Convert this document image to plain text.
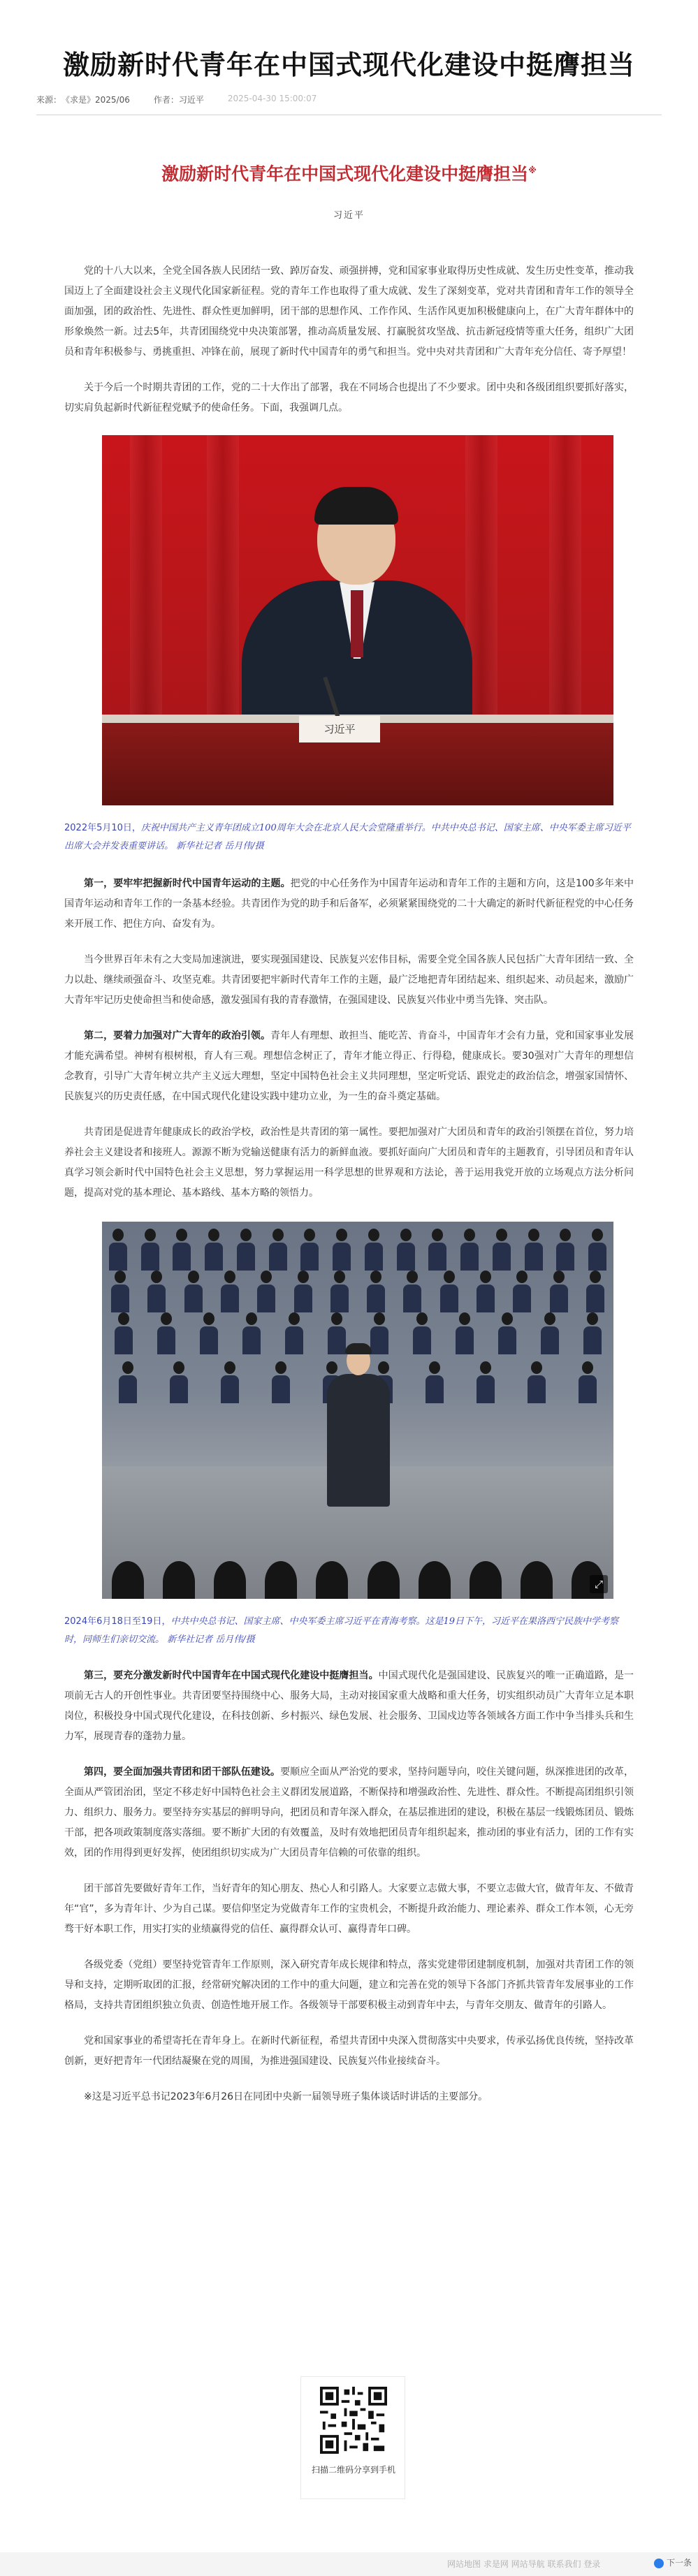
激励新时代青年在中国式现代化建设中挺膺担当
来源：《求是》2025/06	作者：习近平	2025-04-30 15:00:07
激励新时代青年在中国式现代化建设中挺膺担当※
习近平

党的十八大以来，全党全国各族人民团结一致、踔厉奋发、顽强拼搏，党和国家事业取得历史性成就、发生历史性变革，推动我国迈上了全面建设社会主义现代化国家新征程。党的青年工作也取得了重大成就、发生了深刻变革，党对共青团和青年工作的领导全面加强，团的政治性、先进性、群众性更加鲜明，团干部的思想作风、工作作风、生活作风更加积极健康向上，在广大青年群体中的形象焕然一新。过去5年，共青团围绕党中央决策部署，推动高质量发展、打赢脱贫攻坚战、抗击新冠疫情等重大任务，组织广大团员和青年积极参与、勇挑重担、冲锋在前，展现了新时代中国青年的勇气和担当。党中央对共青团和广大青年充分信任、寄予厚望！

关于今后一个时期共青团的工作，党的二十大作出了部署，我在不同场合也提出了不少要求。团中央和各级团组织要抓好落实，切实肩负起新时代新征程党赋予的使命任务。下面，我强调几点。

习近平

2022年5月10日，庆祝中国共产主义青年团成立100周年大会在北京人民大会堂隆重举行。中共中央总书记、国家主席、中央军委主席习近平出席大会并发表重要讲话。 新华社记者 岳月伟/摄

第一，要牢牢把握新时代中国青年运动的主题。把党的中心任务作为中国青年运动和青年工作的主题和方向，这是100多年来中国青年运动和青年工作的一条基本经验。共青团作为党的助手和后备军，必须紧紧围绕党的二十大确定的新时代新征程党的中心任务来开展工作、把住方向、奋发有为。

当今世界百年未有之大变局加速演进，要实现强国建设、民族复兴宏伟目标，需要全党全国各族人民包括广大青年团结一致、全力以赴、继续顽强奋斗、攻坚克难。共青团要把牢新时代青年工作的主题，最广泛地把青年团结起来、组织起来、动员起来，激励广大青年牢记历史使命担当和使命感，激发强国有我的青春激情，在强国建设、民族复兴伟业中勇当先锋、突击队。

第二，要着力加强对广大青年的政治引领。青年人有理想、敢担当、能吃苦、肯奋斗，中国青年才会有力量，党和国家事业发展才能充满希望。神树有根树根，育人有三观。理想信念树正了，青年才能立得正、行得稳，健康成长。要30强对广大青年的理想信念教育，引导广大青年树立共产主义远大理想，坚定中国特色社会主义共同理想，坚定听党话、跟党走的政治信念，增强家国情怀、民族复兴的历史责任感，在中国式现代化建设实践中建功立业，为一生的奋斗奠定基础。

共青团是促进青年健康成长的政治学校，政治性是共青团的第一属性。要把加强对广大团员和青年的政治引领摆在首位，努力培养社会主义建设者和接班人。源源不断为党输送健康有活力的新鲜血液。要抓好面向广大团员和青年的主题教育，引导团员和青年认真学习领会新时代中国特色社会主义思想，努力掌握运用一科学思想的世界观和方法论，善于运用我党开放的立场观点方法分析问题，提高对党的基本理论、基本路线、基本方略的领悟力。

⤢

2024年6月18日至19日，中共中央总书记、国家主席、中央军委主席习近平在青海考察。这是19日下午，习近平在果洛西宁民族中学考察时，同师生们亲切交流。 新华社记者 岳月伟/摄

第三，要充分激发新时代中国青年在中国式现代化建设中挺膺担当。中国式现代化是强国建设、民族复兴的唯一正确道路，是一项前无古人的开创性事业。共青团要坚持围绕中心、服务大局，主动对接国家重大战略和重大任务，切实组织动员广大青年立足本职岗位，积极投身中国式现代化建设，在科技创新、乡村振兴、绿色发展、社会服务、卫国戍边等各领域各方面工作中争当排头兵和生力军，展现青春的蓬勃力量。

第四，要全面加强共青团和团干部队伍建设。要顺应全面从严治党的要求，坚持问题导向，咬住关键问题，纵深推进团的改革，全面从严管团治团，坚定不移走好中国特色社会主义群团发展道路，不断保持和增强政治性、先进性、群众性。不断提高团组织引领力、组织力、服务力。要坚持夯实基层的鲜明导向，把团员和青年深入群众，在基层推进团的建设，积极在基层一线锻炼团员、锻炼干部，把各项政策制度落实落细。要不断扩大团的有效覆盖，及时有效地把团员青年组织起来，推动团的事业有活力，团的工作有实效，团的作用得到更好发挥，使团组织切实成为广大团员青年信赖的可依靠的组织。

团干部首先要做好青年工作，当好青年的知心朋友、热心人和引路人。大家要立志做大事，不要立志做大官，做青年友、不做青年“官”，多为青年计、少为自己谋。要信仰坚定为党做青年工作的宝贵机会，不断提升政治能力、理论素养、群众工作本领，心无旁骛干好本职工作，用实打实的业绩赢得党的信任、赢得群众认可、赢得青年口碑。

各级党委（党组）要坚持党管青年工作原则，深入研究青年成长规律和特点，落实党建带团建制度机制，加强对共青团工作的领导和支持，定期听取团的汇报，经常研究解决团的工作中的重大问题，建立和完善在党的领导下各部门齐抓共管青年发展事业的工作格局，支持共青团组织独立负责、创造性地开展工作。各级领导干部要积极主动到青年中去，与青年交朋友、做青年的引路人。

党和国家事业的希望寄托在青年身上。在新时代新征程，希望共青团中央深入贯彻落实中央要求，传承弘扬优良传统，坚持改革创新，更好把青年一代团结凝聚在党的周围，为推进强国建设、民族复兴伟业接续奋斗。

※这是习近平总书记2023年6月26日在同团中央新一届领导班子集体谈话时讲话的主要部分。

扫描二维码分享到手机
网站地图 求是网 网站导航 联系我们 登录	下一条
